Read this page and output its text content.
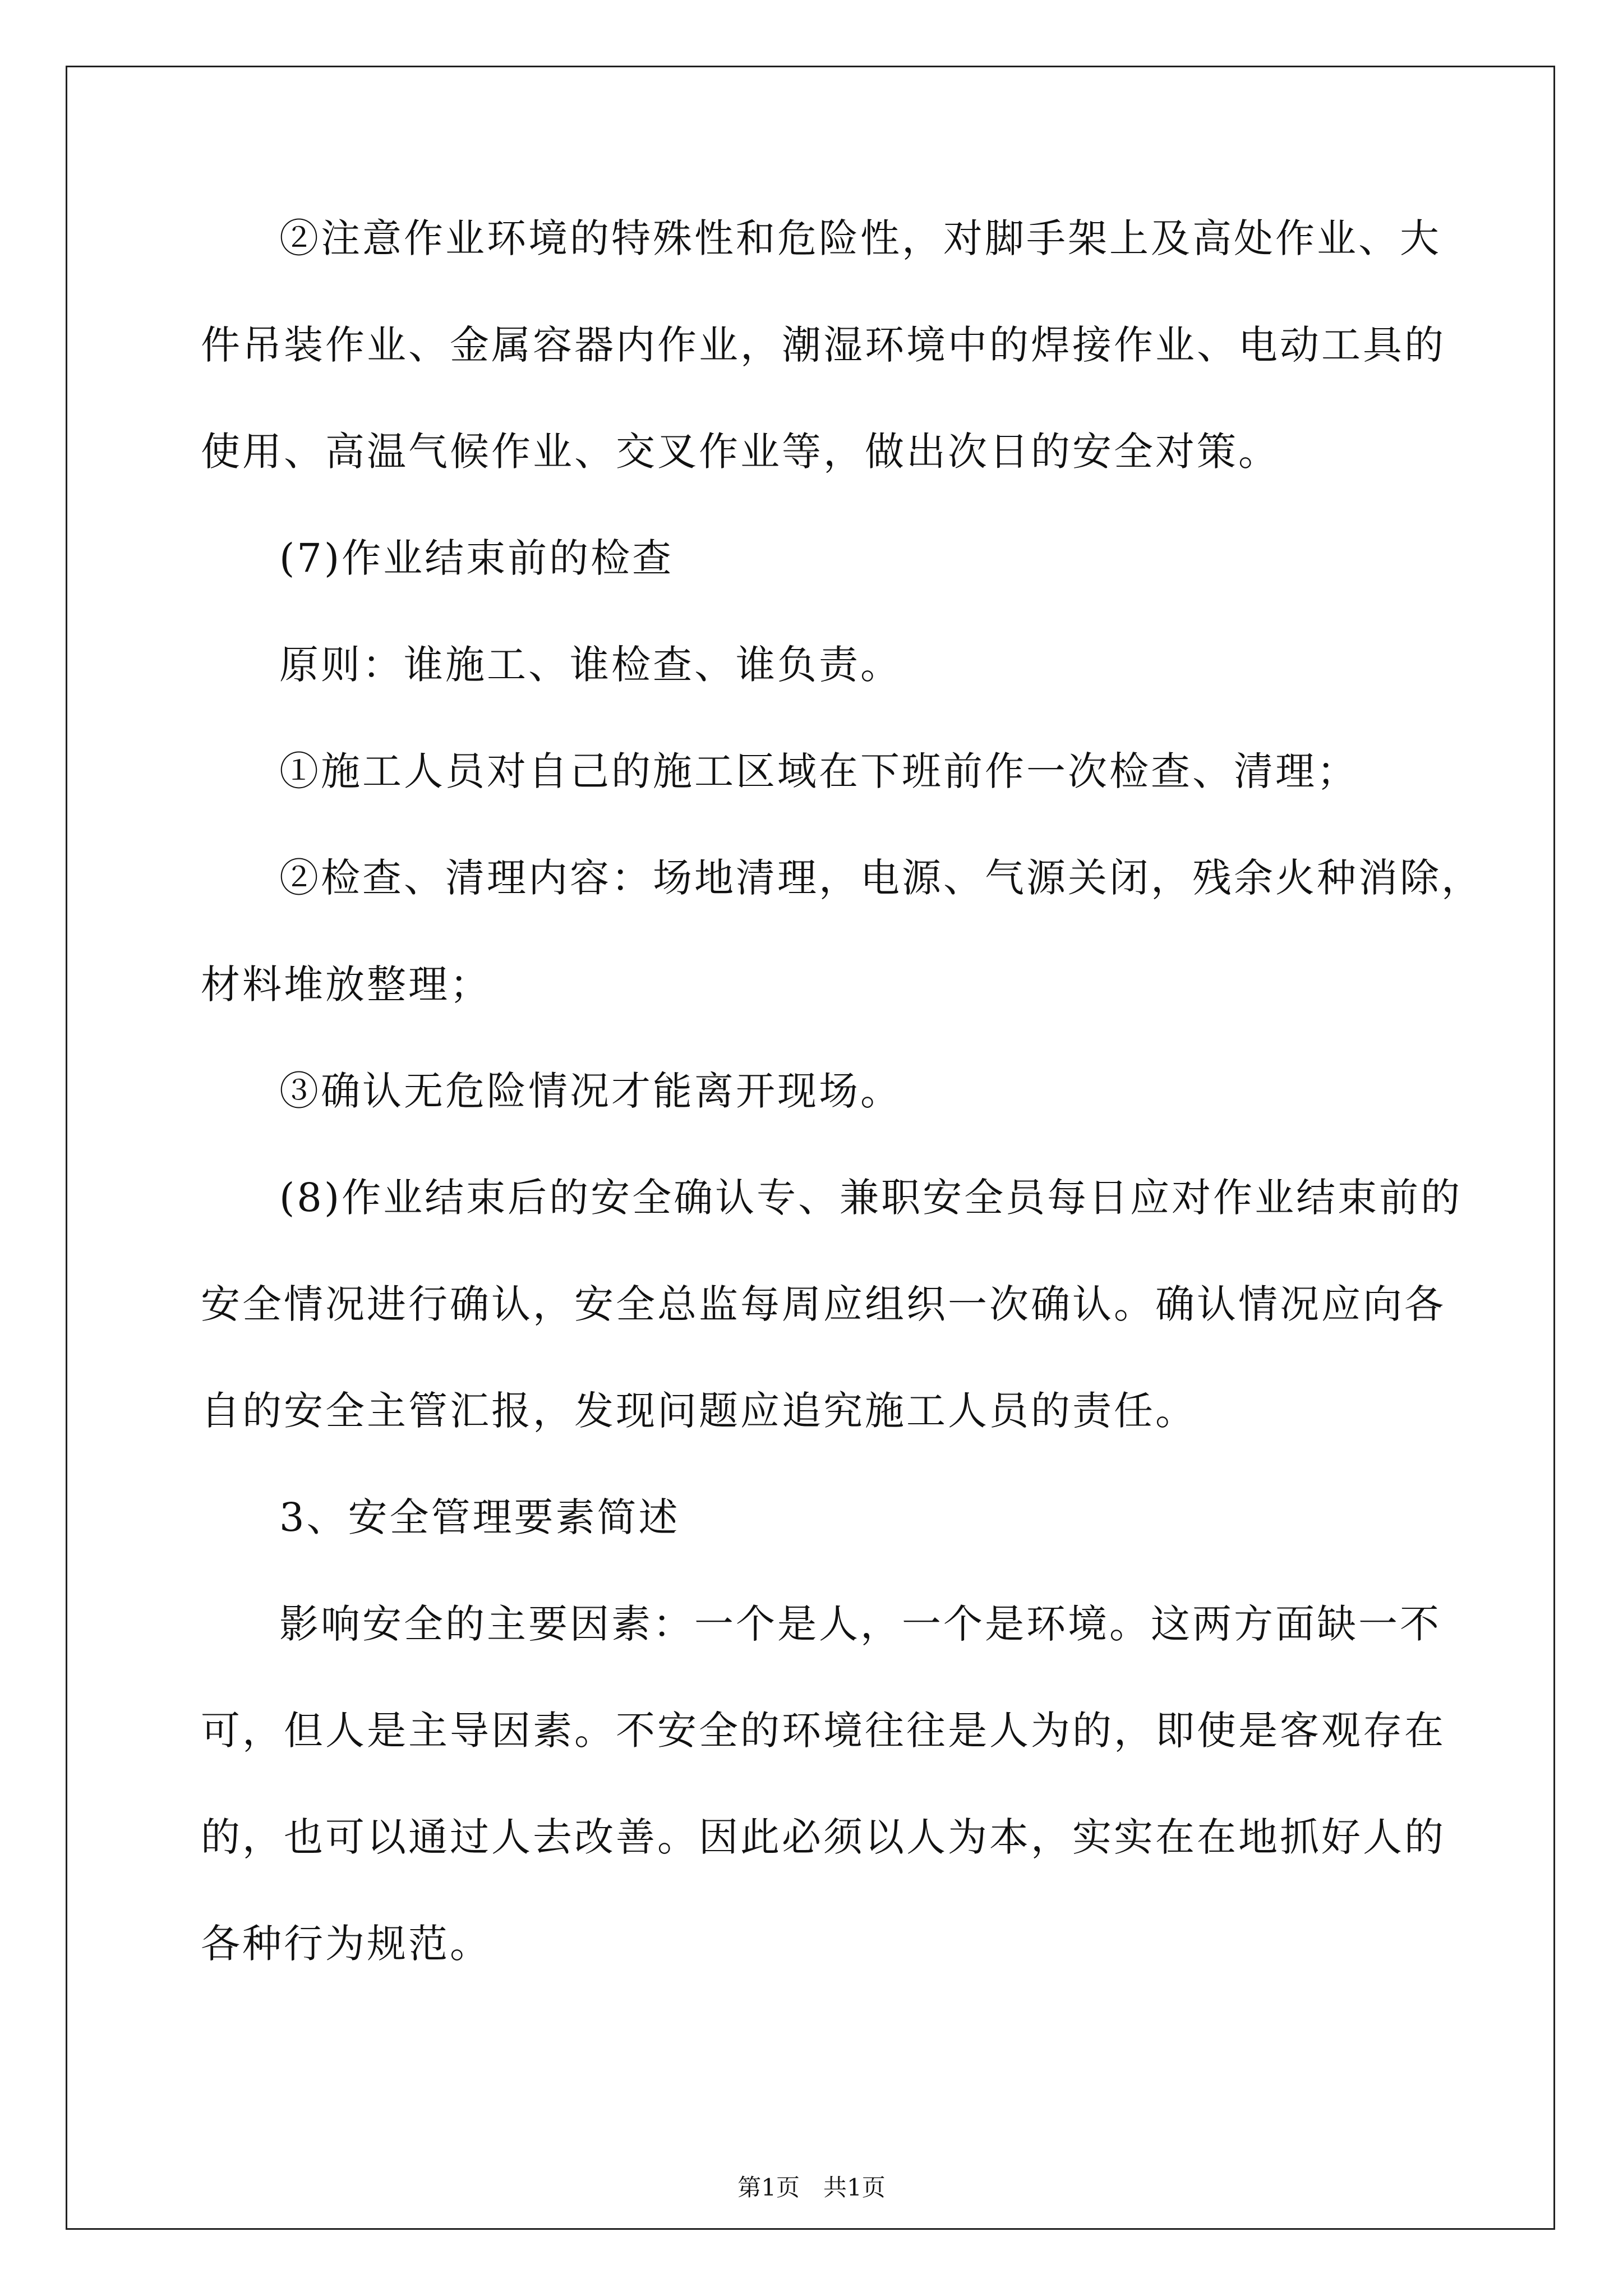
②注意作业环境的特殊性和危险性，对脚手架上及高处作业、大
件吊装作业、金属容器内作业，潮湿环境中的焊接作业、电动工具的
使用、高温气候作业、交叉作业等，做出次日的安全对策。
(7)作业结束前的检查
原则：谁施工、谁检查、谁负责。
①施工人员对自己的施工区域在下班前作一次检查、清理；
②检查、清理内容：场地清理，电源、气源关闭，残余火种消除，
材料堆放整理；
③确认无危险情况才能离开现场。
(8)作业结束后的安全确认专、兼职安全员每日应对作业结束前的
安全情况进行确认，安全总监每周应组织一次确认。确认情况应向各
自的安全主管汇报，发现问题应追究施工人员的责任。
3、安全管理要素简述
影响安全的主要因素：一个是人，一个是环境。这两方面缺一不
可，但人是主导因素。不安全的环境往往是人为的，即使是客观存在
的，也可以通过人去改善。因此必须以人为本，实实在在地抓好人的
各种行为规范。
第1页　共1页
